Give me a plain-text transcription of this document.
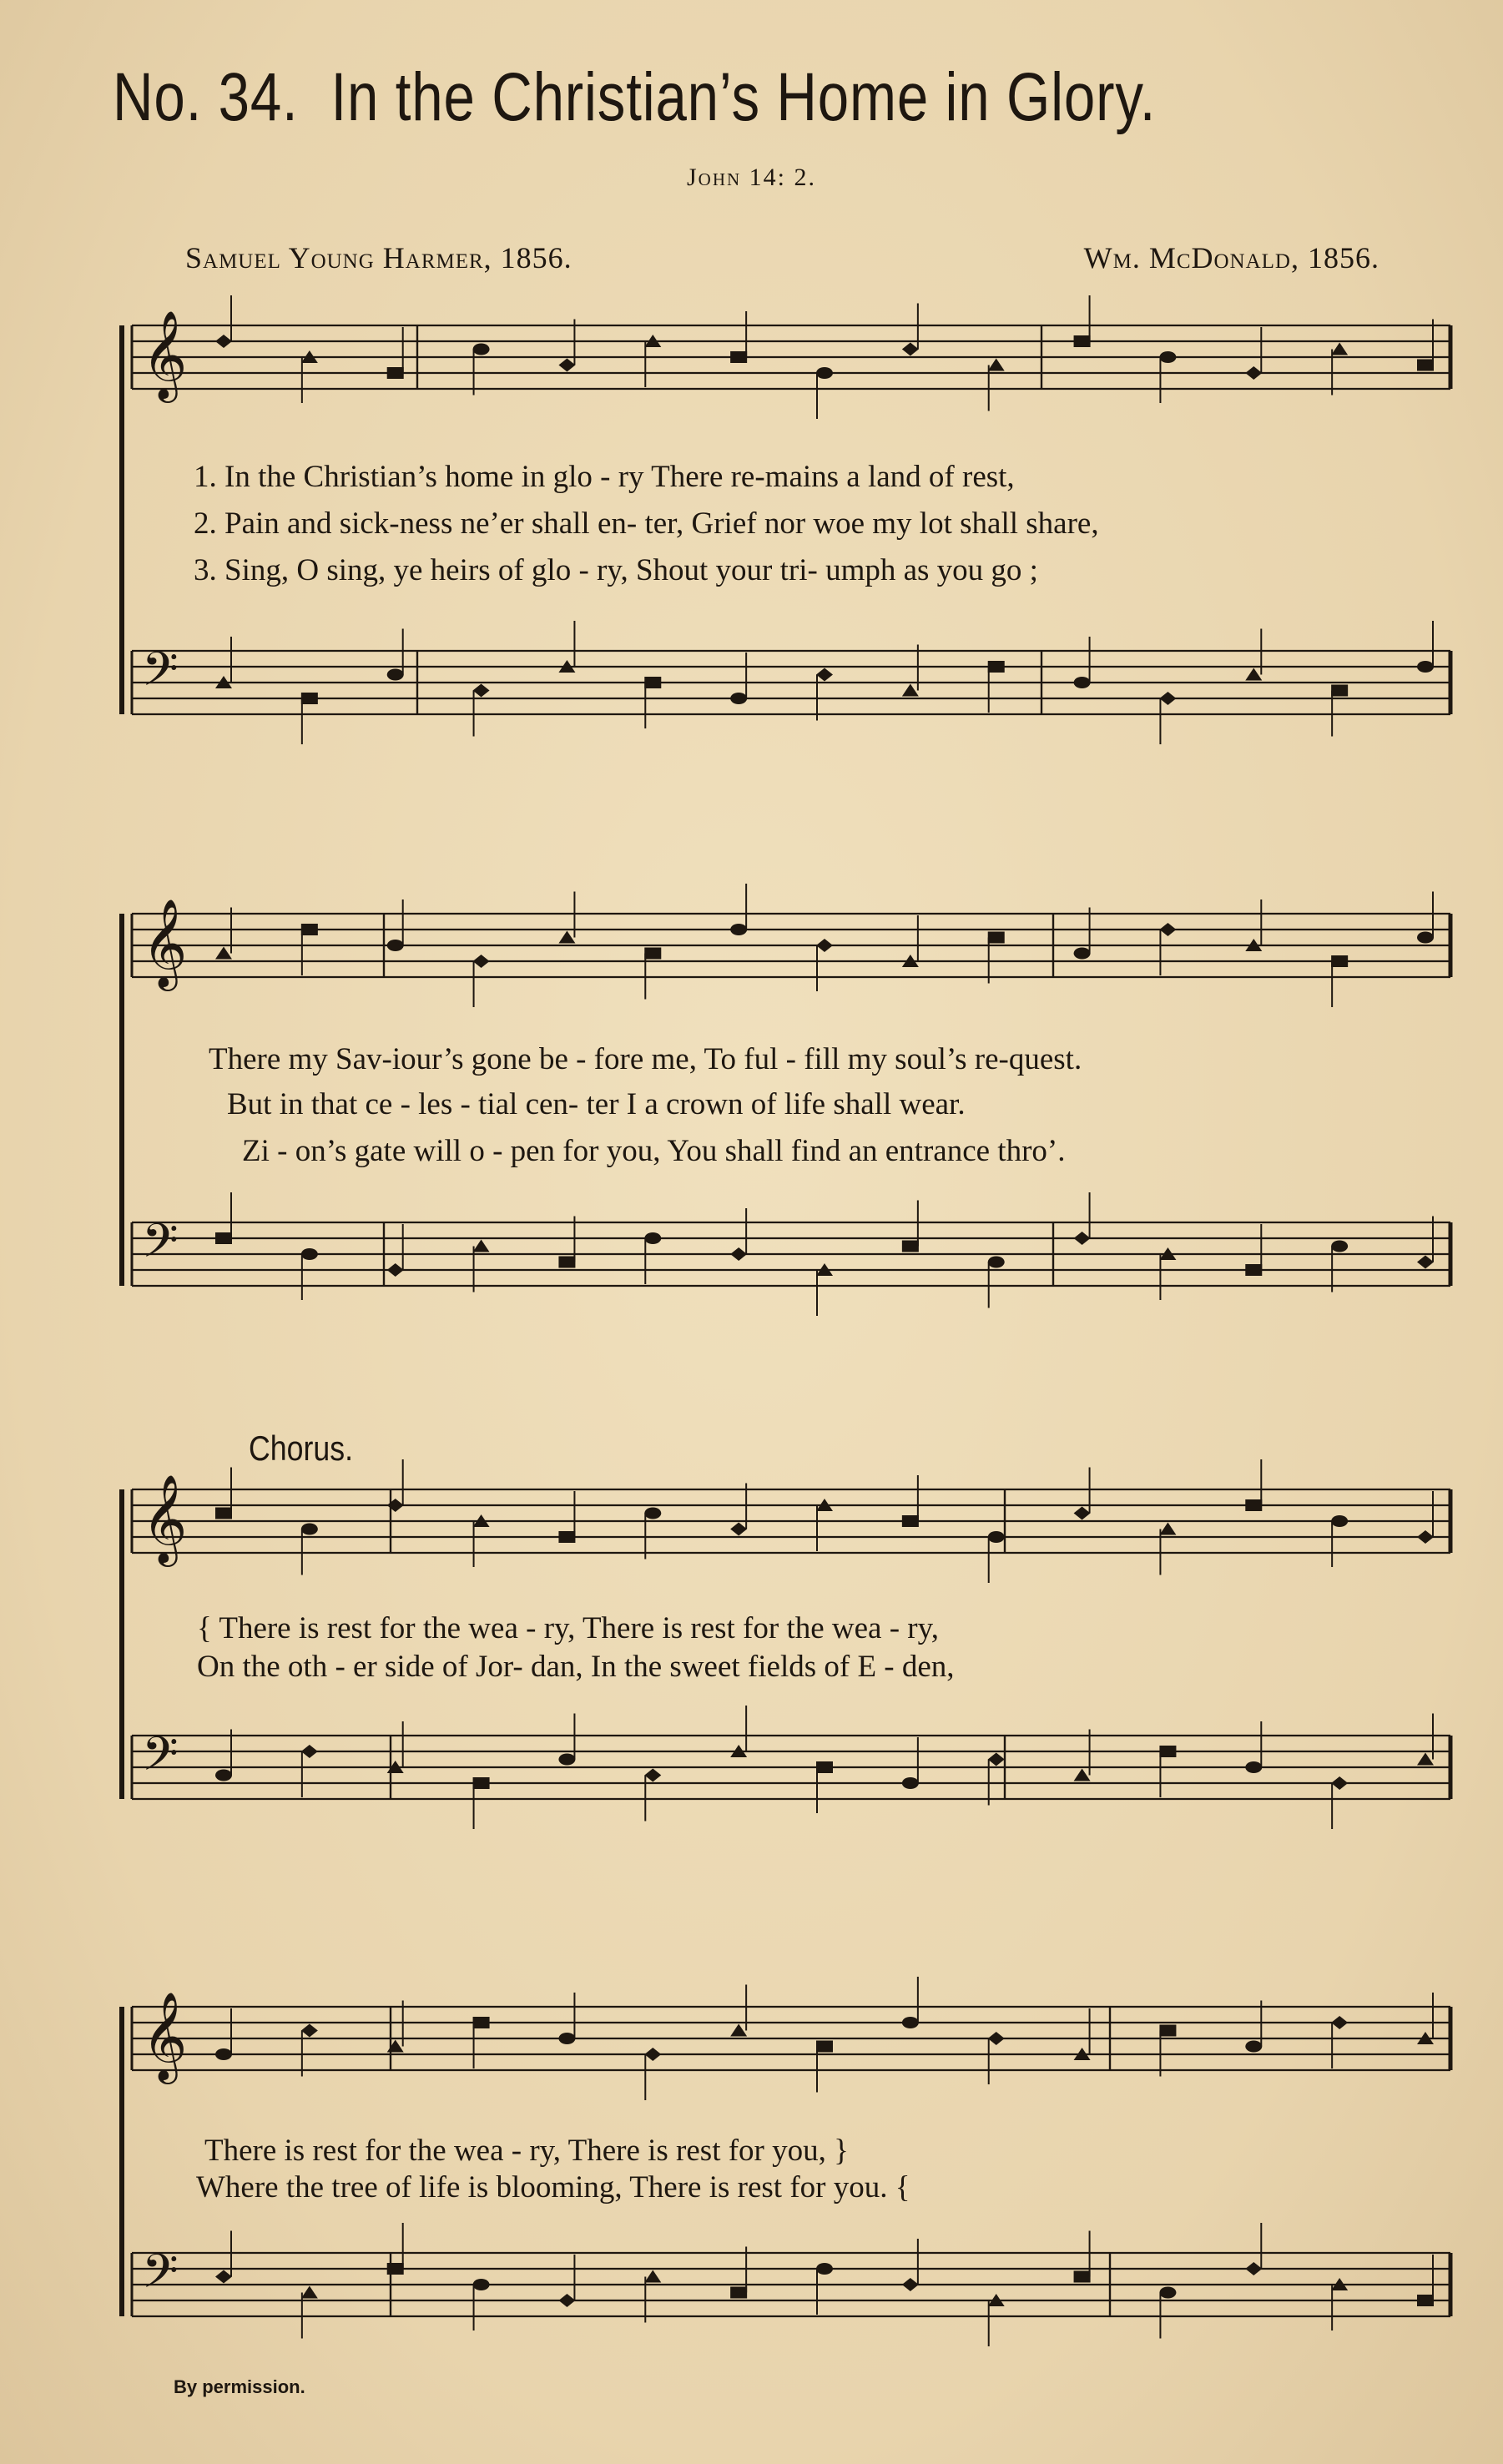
No. 34. In the Christian’s Home in Glory.
John 14: 2.
Samuel Young Harmer, 1856.	Wm. McDonald, 1856.
𝄞
𝄢
𝄞
𝄢
𝄞
𝄢
𝄞
𝄢
Chorus.
1. In the Christian’s home in glo - ry There re-mains a land of rest,
2. Pain and sick-ness ne’er shall en- ter, Grief nor woe my lot shall share,
3. Sing, O sing, ye heirs of glo - ry, Shout your tri- umph as you go ;
There my Sav-iour’s gone be - fore me, To ful - fill my soul’s re-quest.
But in that ce - les - tial cen- ter I a crown of life shall wear.
Zi - on’s gate will o - pen for you, You shall find an entrance thro’.
{ There is rest for the wea - ry, There is rest for the wea - ry,
On the oth - er side of Jor- dan, In the sweet fields of E - den,
There is rest for the wea - ry, There is rest for you, }
Where the tree of life is blooming, There is rest for you. {
By permission.
